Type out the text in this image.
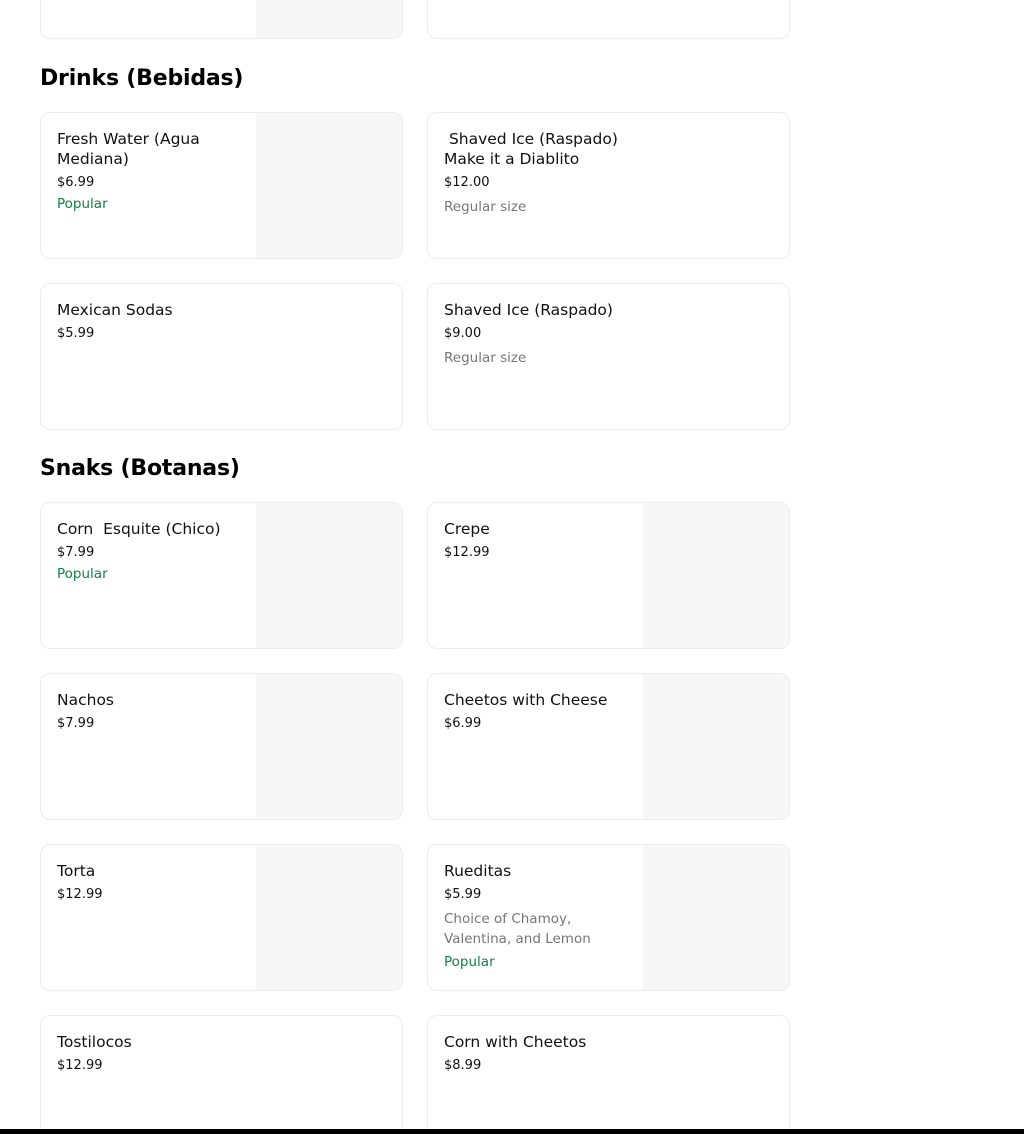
Drinks (Bebidas)
Fresh Water (Agua Mediana)
$6.99
Popular
Shaved Ice (Raspado) Make it a Diablito
$12.00
Regular size
Mexican Sodas
$5.99
Shaved Ice (Raspado)
$9.00
Regular size
Snaks (Botanas)
Corn  Esquite (Chico)
$7.99
Popular
Crepe
$12.99
Nachos
$7.99
Cheetos with Cheese
$6.99
Torta
$12.99
Rueditas
$5.99
Choice of Chamoy, Valentina, and Lemon
Popular
Tostilocos
$12.99
Corn with Cheetos
$8.99
